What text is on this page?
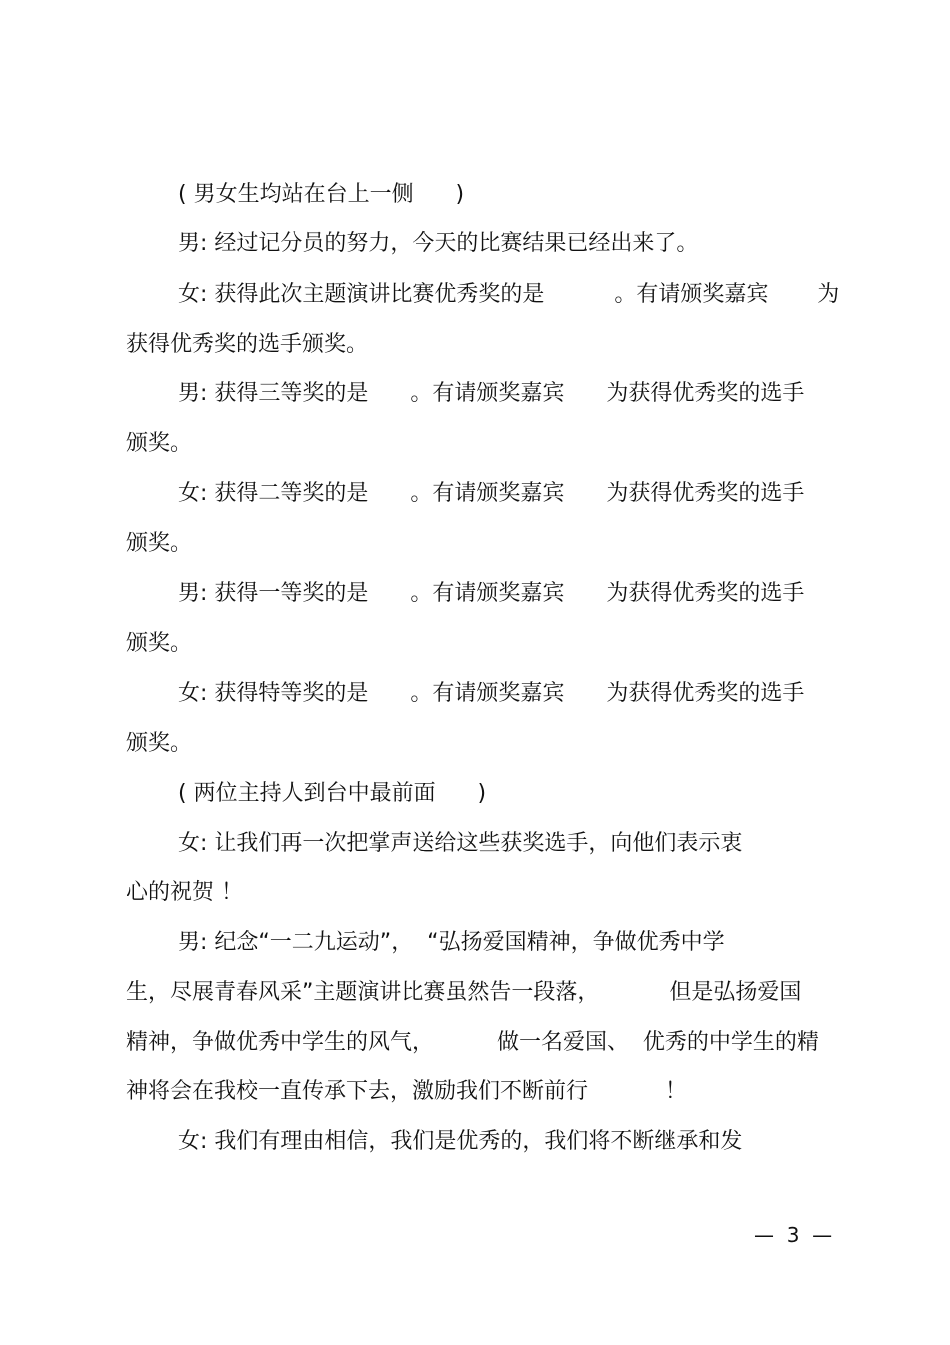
( 男女生均站在台上一侧      )
男: 经过记分员的努力，今天的比赛结果已经出来了。
女: 获得此次主题演讲比赛优秀奖的是          。有请颁奖嘉宾       为
获得优秀奖的选手颁奖。
男: 获得三等奖的是      。有请颁奖嘉宾      为获得优秀奖的选手
颁奖。
女: 获得二等奖的是      。有请颁奖嘉宾      为获得优秀奖的选手
颁奖。
男: 获得一等奖的是      。有请颁奖嘉宾      为获得优秀奖的选手
颁奖。
女: 获得特等奖的是      。有请颁奖嘉宾      为获得优秀奖的选手
颁奖。
( 两位主持人到台中最前面      )
女: 让我们再一次把掌声送给这些获奖选手，向他们表示衷
心的祝贺 ！
男: 纪念“一二九运动”，  “弘扬爱国精神，争做优秀中学
生，尽展青春风采”主题演讲比赛虽然告一段落，          但是弘扬爱国
精神，争做优秀中学生的风气，         做一名爱国、  优秀的中学生的精
神将会在我校一直传承下去，激励我们不断前行           ！
女: 我们有理由相信，我们是优秀的，我们将不断继承和发
—  3  —
